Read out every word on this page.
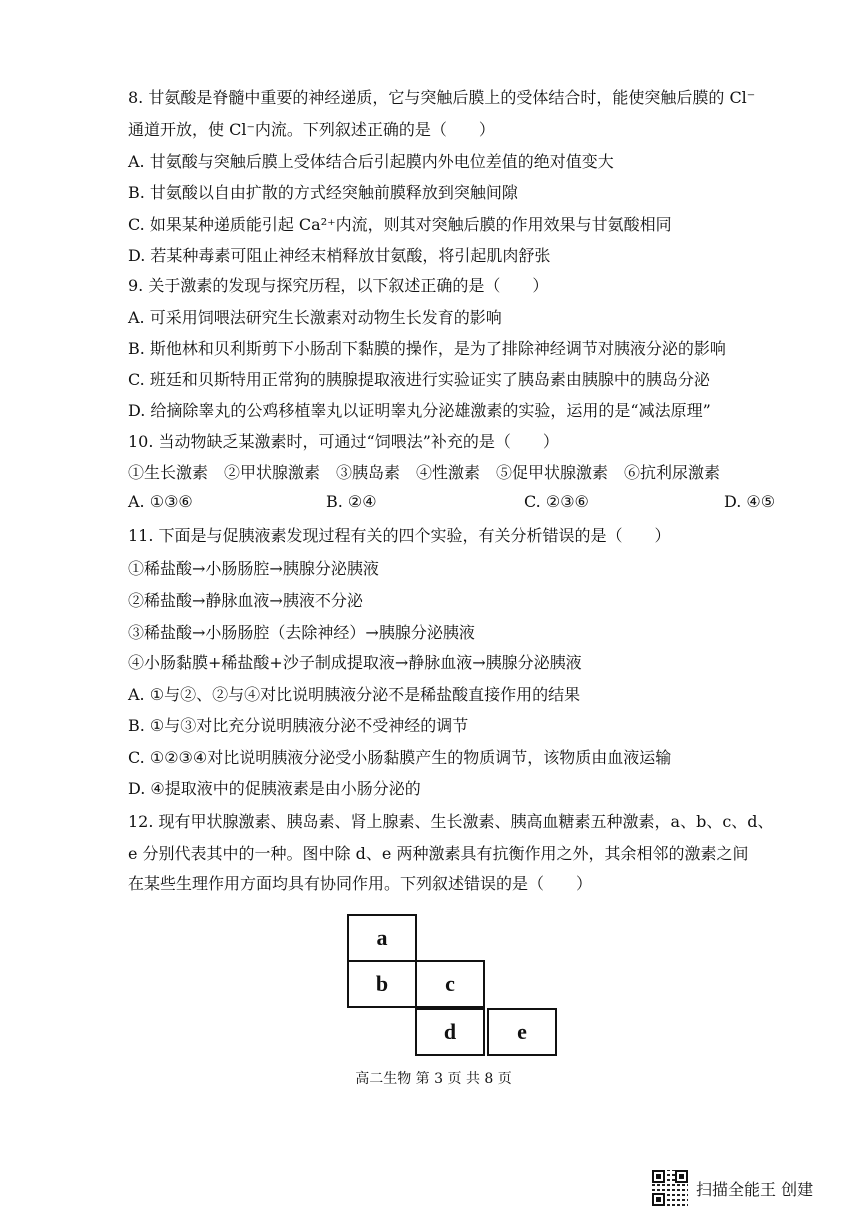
8. 甘氨酸是脊髓中重要的神经递质，它与突触后膜上的受体结合时，能使突触后膜的 Cl⁻
通道开放，使 Cl⁻内流。下列叙述正确的是（　　）
A. 甘氨酸与突触后膜上受体结合后引起膜内外电位差值的绝对值变大
B. 甘氨酸以自由扩散的方式经突触前膜释放到突触间隙
C. 如果某种递质能引起 Ca²⁺内流，则其对突触后膜的作用效果与甘氨酸相同
D. 若某种毒素可阻止神经末梢释放甘氨酸，将引起肌肉舒张
9. 关于激素的发现与探究历程，以下叙述正确的是（　　）
A. 可采用饲喂法研究生长激素对动物生长发育的影响
B. 斯他林和贝利斯剪下小肠刮下黏膜的操作，是为了排除神经调节对胰液分泌的影响
C. 班廷和贝斯特用正常狗的胰腺提取液进行实验证实了胰岛素由胰腺中的胰岛分泌
D. 给摘除睾丸的公鸡移植睾丸以证明睾丸分泌雄激素的实验，运用的是“减法原理”
10. 当动物缺乏某激素时，可通过“饲喂法”补充的是（　　）
①生长激素　②甲状腺激素　③胰岛素　④性激素　⑤促甲状腺激素　⑥抗利尿激素
A. ①③⑥	B. ②④	C. ②③⑥	D. ④⑤
11. 下面是与促胰液素发现过程有关的四个实验，有关分析错误的是（　　）
①稀盐酸→小肠肠腔→胰腺分泌胰液
②稀盐酸→静脉血液→胰液不分泌
③稀盐酸→小肠肠腔（去除神经）→胰腺分泌胰液
④小肠黏膜+稀盐酸+沙子制成提取液→静脉血液→胰腺分泌胰液
A. ①与②、②与④对比说明胰液分泌不是稀盐酸直接作用的结果
B. ①与③对比充分说明胰液分泌不受神经的调节
C. ①②③④对比说明胰液分泌受小肠黏膜产生的物质调节，该物质由血液运输
D. ④提取液中的促胰液素是由小肠分泌的
12. 现有甲状腺激素、胰岛素、肾上腺素、生长激素、胰高血糖素五种激素，a、b、c、d、
e 分别代表其中的一种。图中除 d、e 两种激素具有抗衡作用之外，其余相邻的激素之间
在某些生理作用方面均具有协同作用。下列叙述错误的是（　　）
a
b	c
d	e
高二生物 第 3 页 共 8 页
扫描全能王 创建
